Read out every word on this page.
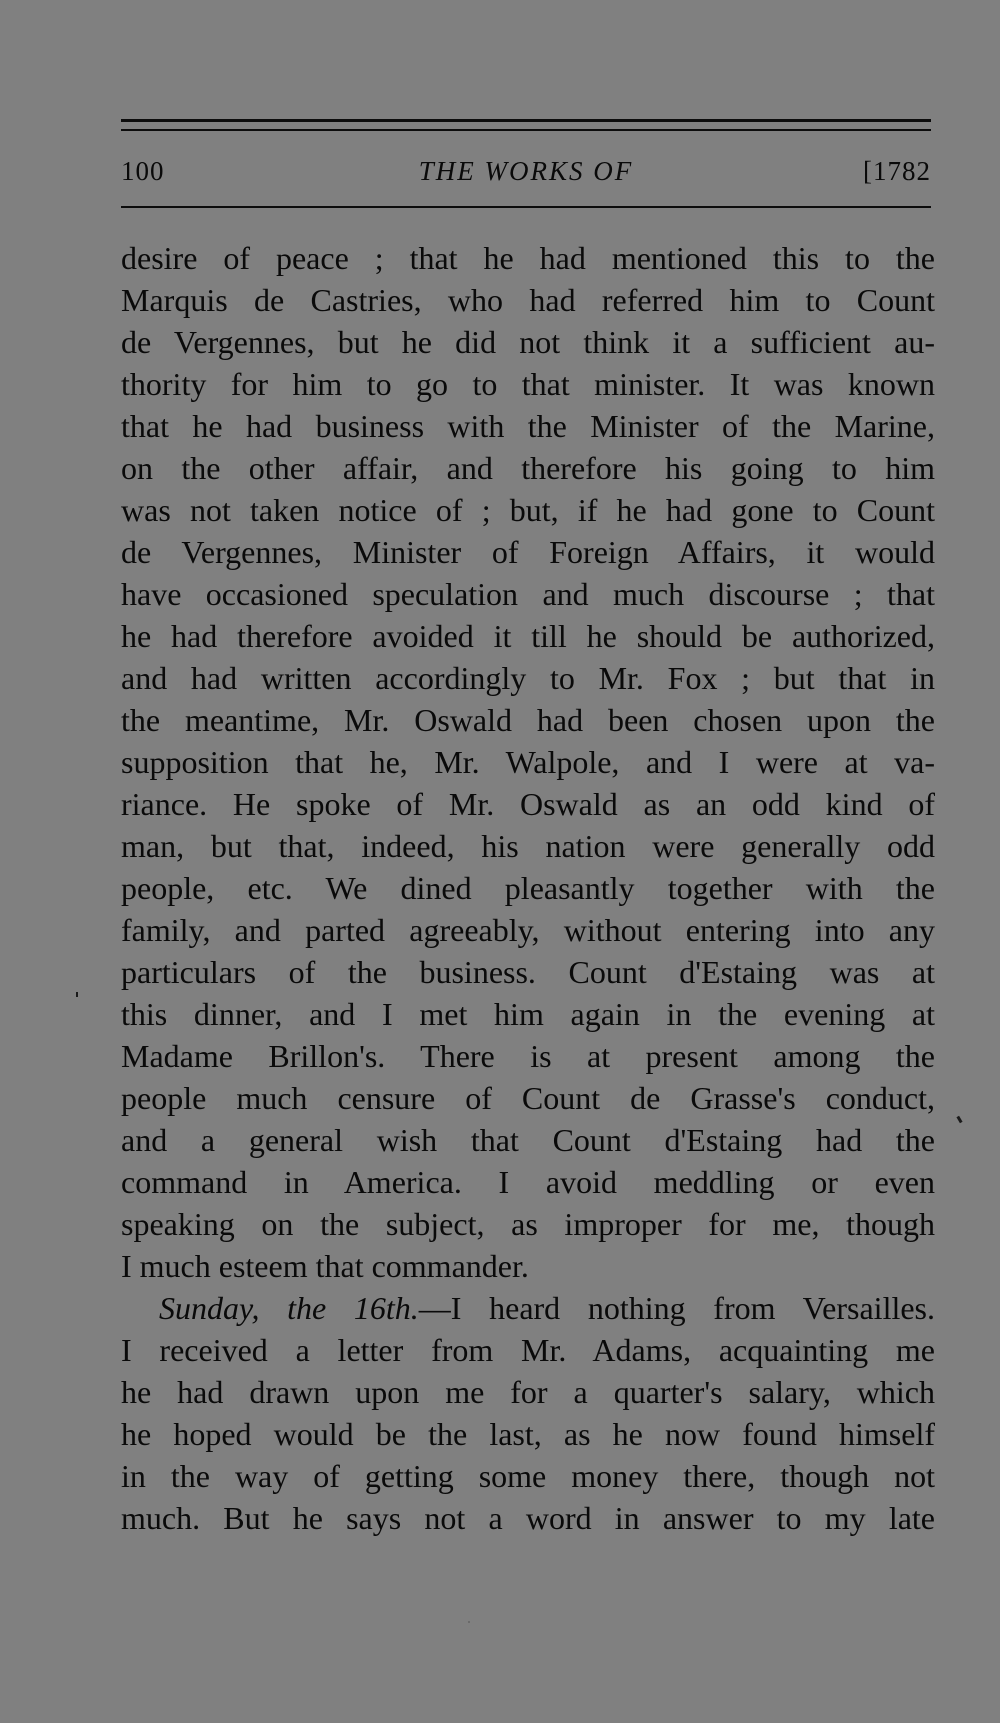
100	THE WORKS OF	[1782
desire of peace ; that he had mentioned this to the
Marquis de Castries, who had referred him to Count
de Vergennes, but he did not think it a sufficient au-
thority for him to go to that minister. It was known
that he had business with the Minister of the Marine,
on the other affair, and therefore his going to him
was not taken notice of ; but, if he had gone to Count
de Vergennes, Minister of Foreign Affairs, it would
have occasioned speculation and much discourse ; that
he had therefore avoided it till he should be authorized,
and had written accordingly to Mr. Fox ; but that in
the meantime, Mr. Oswald had been chosen upon the
supposition that he, Mr. Walpole, and I were at va-
riance. He spoke of Mr. Oswald as an odd kind of
man, but that, indeed, his nation were generally odd
people, etc. We dined pleasantly together with the
family, and parted agreeably, without entering into any
particulars of the business. Count d'Estaing was at
this dinner, and I met him again in the evening at
Madame Brillon's. There is at present among the
people much censure of Count de Grasse's conduct,
and a general wish that Count d'Estaing had the
command in America. I avoid meddling or even
speaking on the subject, as improper for me, though
I much esteem that commander.
Sunday, the 16th.—I heard nothing from Versailles.
I received a letter from Mr. Adams, acquainting me
he had drawn upon me for a quarter's salary, which
he hoped would be the last, as he now found himself
in the way of getting some money there, though not
much. But he says not a word in answer to my late
